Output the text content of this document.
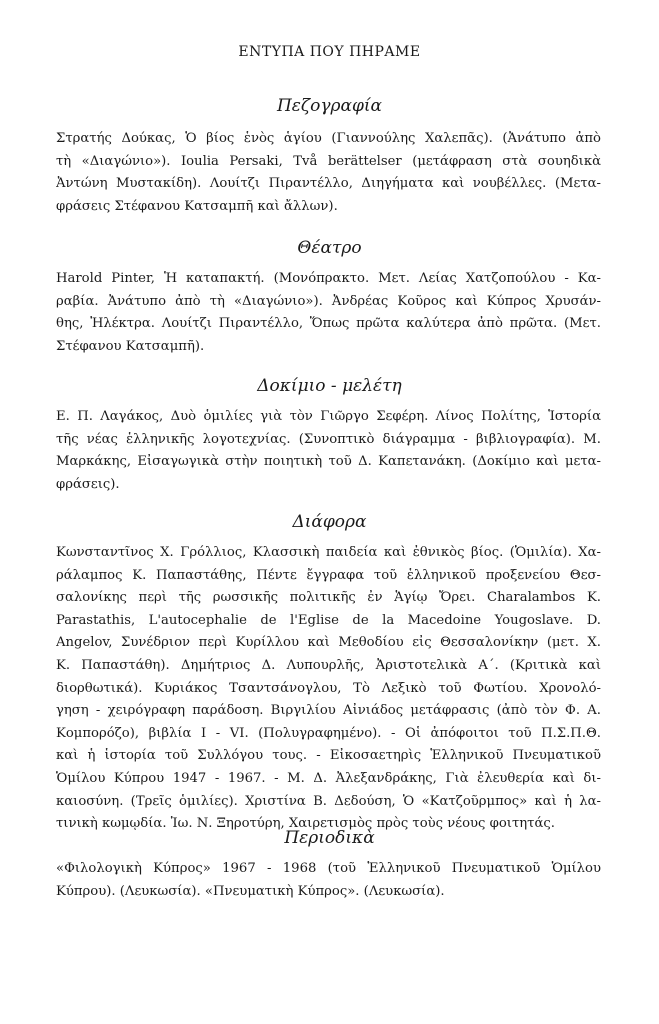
ΕΝΤΥΠΑ ΠΟΥ ΠΗΡΑΜΕ
Πεζογραφία
Στρατής Δούκας, Ὁ βίος ἑνὸς ἁγίου (Γιαννούλης Χαλεπᾶς). (Ἀνάτυπο ἀπὸ
τὴ «Διαγώνιο»). Ioulia Persaki, Två berättelser (μετάφραση στὰ σουηδικὰ
Ἀντώνη Μυστακίδη). Λουίτζι Πιραντέλλο, Διηγήματα καὶ νουβέλλες. (Μετα-
φράσεις Στέφανου Κατσαμπῆ καὶ ἄλλων).
Θέατρο
Harold Pinter, Ἡ καταπακτή. (Μονόπρακτο. Μετ. Λείας Χατζοπούλου - Κα-
ραβία. Ἀνάτυπο ἀπὸ τὴ «Διαγώνιο»). Ἀνδρέας Κοῦρος καὶ Κύπρος Χρυσάν-
θης, Ἠλέκτρα. Λουίτζι Πιραντέλλο, Ὅπως πρῶτα καλύτερα ἀπὸ πρῶτα. (Μετ.
Στέφανου Κατσαμπῆ).
Δοκίμιο - μελέτη
Ε. Π. Λαγάκος, Δυὸ ὁμιλίες γιὰ τὸν Γιῶργο Σεφέρη. Λίνος Πολίτης, Ἱστορία
τῆς νέας ἑλληνικῆς λογοτεχνίας. (Συνοπτικὸ διάγραμμα - βιβλιογραφία). Μ.
Μαρκάκης, Εἰσαγωγικὰ στὴν ποιητικὴ τοῦ Δ. Καπετανάκη. (Δοκίμιο καὶ μετα-
φράσεις).
Διάφορα
Κωνσταντῖνος Χ. Γρόλλιος, Κλασσικὴ παιδεία καὶ ἐθνικὸς βίος. (Ὁμιλία). Χα-
ράλαμπος Κ. Παπαστάθης, Πέντε ἔγγραφα τοῦ ἑλληνικοῦ προξενείου Θεσ-
σαλονίκης περὶ τῆς ρωσσικῆς πολιτικῆς ἐν Ἁγίῳ Ὄρει. Charalambos K.
Parastathis, L'autocephalie de l'Eglise de la Macedoine Yougoslave. D.
Angelov, Συνέδριον περὶ Κυρίλλου καὶ Μεθοδίου εἰς Θεσσαλονίκην (μετ. Χ.
Κ. Παπαστάθη). Δημήτριος Δ. Λυπουρλῆς, Ἀριστοτελικὰ Α΄. (Κριτικὰ καὶ
διορθωτικά). Κυριάκος Τσαντσάνογλου, Τὸ Λεξικὸ τοῦ Φωτίου. Χρονολό-
γηση - χειρόγραφη παράδοση. Βιργιλίου Αἰνιάδος μετάφρασις (ἀπὸ τὸν Φ. Α.
Κομπορόζο), βιβλία I - VI. (Πολυγραφημένο). - Οἱ ἀπόφοιτοι τοῦ Π.Σ.Π.Θ.
καὶ ἡ ἱστορία τοῦ Συλλόγου τους. - Εἰκοσαετηρὶς Ἑλληνικοῦ Πνευματικοῦ
Ὁμίλου Κύπρου 1947 - 1967. - Μ. Δ. Ἀλεξανδράκης, Γιὰ ἐλευθερία καὶ δι-
καιοσύνη. (Τρεῖς ὁμιλίες). Χριστίνα Β. Δεδούση, Ὁ «Κατζοῦρμπος» καὶ ἡ λα-
τινικὴ κωμῳδία. Ἰω. Ν. Ξηροτύρη, Χαιρετισμὸς πρὸς τοὺς νέους φοιτητάς.
Περιοδικὰ
«Φιλολογικὴ Κύπρος» 1967 - 1968 (τοῦ Ἑλληνικοῦ Πνευματικοῦ Ὁμίλου
Κύπρου). (Λευκωσία). «Πνευματικὴ Κύπρος». (Λευκωσία).
